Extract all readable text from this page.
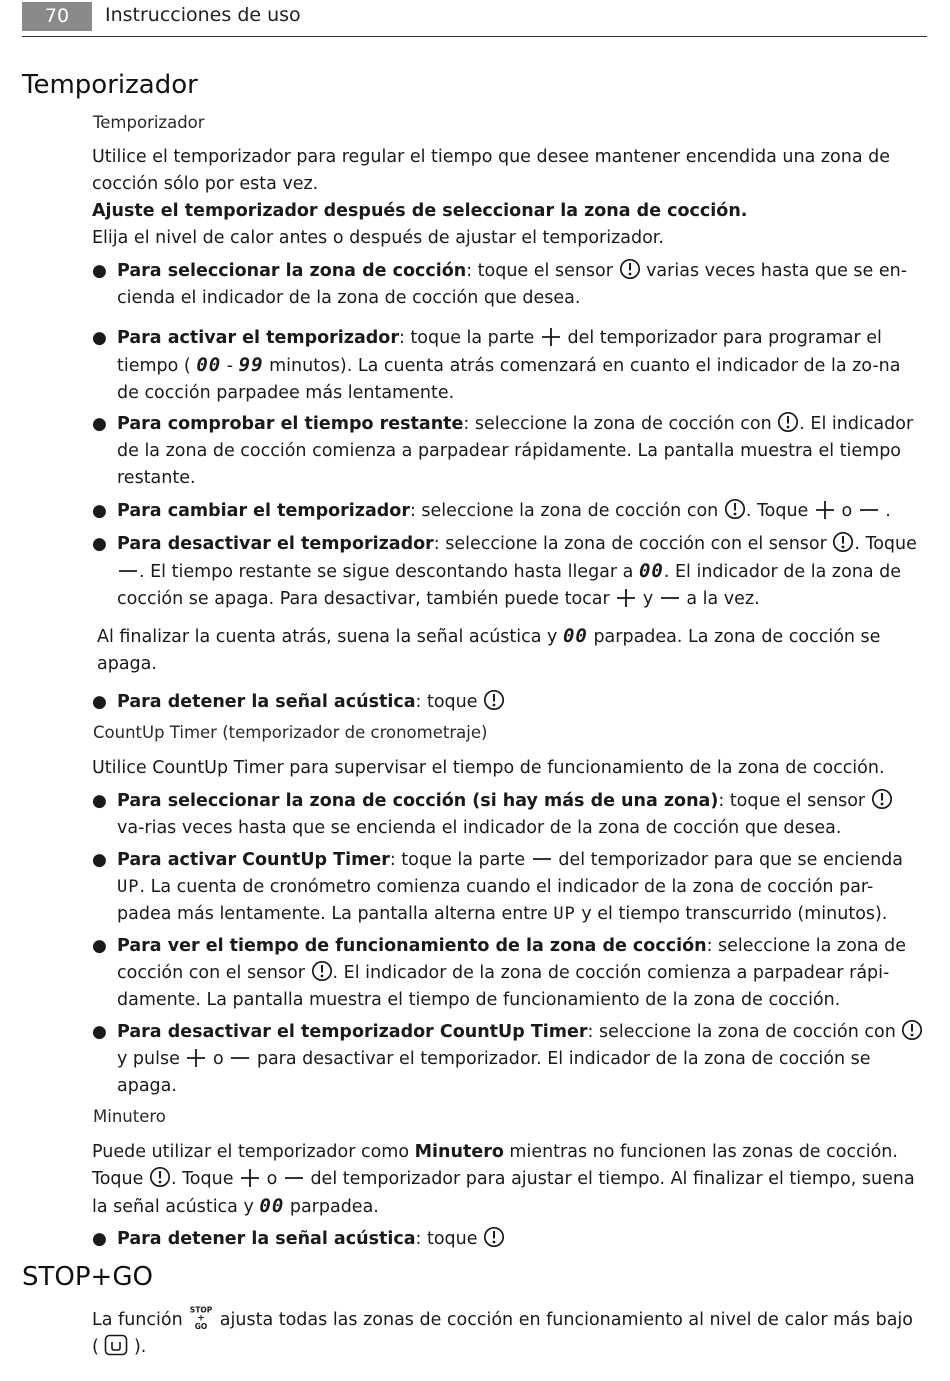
70	Instrucciones de uso
Temporizador
Temporizador
Utilice el temporizador para regular el tiempo que desee mantener encendida una zona de cocción sólo por esta vez.
Ajuste el temporizador después de seleccionar la zona de cocción.
Elija el nivel de calor antes o después de ajustar el temporizador.
● Para seleccionar la zona de cocción: toque el sensor
varias veces hasta que se en-cienda el indicador de la zona de cocción que desea.
● Para activar el temporizador: toque la parte
del temporizador para programar el tiempo ( 00 - 99 minutos). La cuenta atrás comenzará en cuanto el indicador de la zo-na de cocción parpadee más lentamente.
● Para comprobar el tiempo restante: seleccione la zona de cocción con
. El indicador de la zona de cocción comienza a parpadear rápidamente. La pantalla muestra el tiempo restante.
● Para cambiar el temporizador: seleccione la zona de cocción con
. Toque
o
.
● Para desactivar el temporizador: seleccione la zona de cocción con el sensor
. Toque
. El tiempo restante se sigue descontando hasta llegar a 00. El indicador de la zona de cocción se apaga. Para desactivar, también puede tocar
y
a la vez.
Al finalizar la cuenta atrás, suena la señal acústica y 00 parpadea. La zona de cocción se apaga.
● Para detener la señal acústica: toque
CountUp Timer (temporizador de cronometraje)
Utilice CountUp Timer para supervisar el tiempo de funcionamiento de la zona de cocción.
● Para seleccionar la zona de cocción (si hay más de una zona): toque el sensor
va-rias veces hasta que se encienda el indicador de la zona de cocción que desea.
● Para activar CountUp Timer: toque la parte
del temporizador para que se encienda UP. La cuenta de cronómetro comienza cuando el indicador de la zona de cocción par-padea más lentamente. La pantalla alterna entre UP y el tiempo transcurrido (minutos).
● Para ver el tiempo de funcionamiento de la zona de cocción: seleccione la zona de cocción con el sensor
. El indicador de la zona de cocción comienza a parpadear rápi-damente. La pantalla muestra el tiempo de funcionamiento de la zona de cocción.
● Para desactivar el temporizador CountUp Timer: seleccione la zona de cocción con
y pulse
o
para desactivar el temporizador. El indicador de la zona de cocción se apaga.
Minutero
Puede utilizar el temporizador como Minutero mientras no funcionen las zonas de cocción. Toque
. Toque
o
del temporizador para ajustar el tiempo. Al finalizar el tiempo, suena la señal acústica y 00 parpadea.
● Para detener la señal acústica: toque
STOP+GO
La función STOP
+
GO ajusta todas las zonas de cocción en funcionamiento al nivel de calor más bajo (
).
